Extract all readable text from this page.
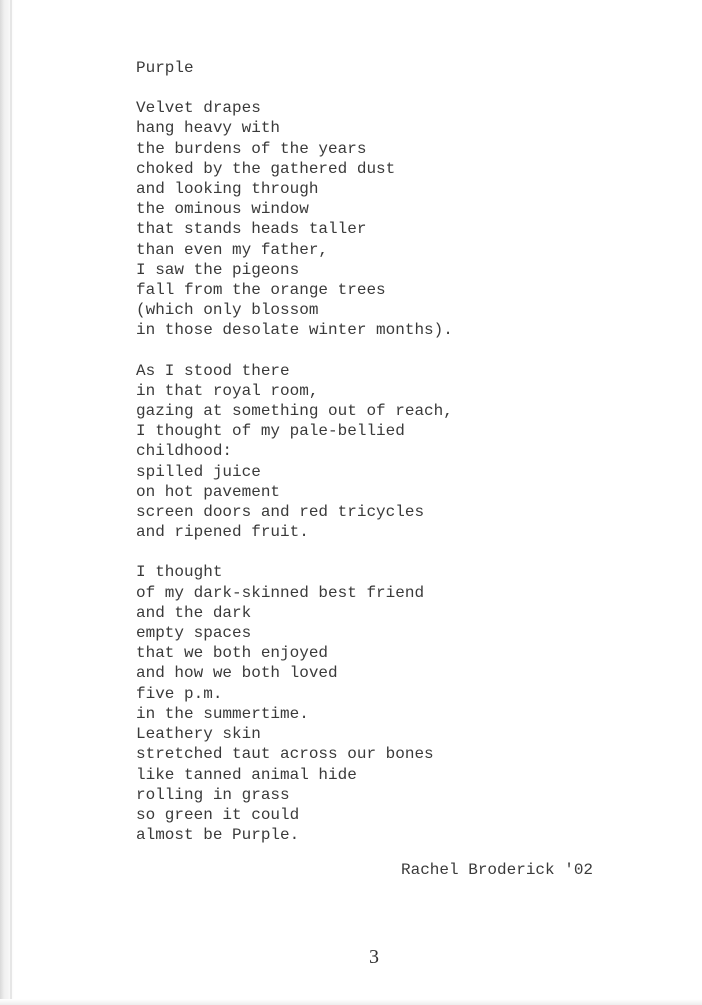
Purple
Velvet drapes
hang heavy with
the burdens of the years
choked by the gathered dust
and looking through
the ominous window
that stands heads taller
than even my father,
I saw the pigeons
fall from the orange trees
(which only blossom
in those desolate winter months).
As I stood there
in that royal room,
gazing at something out of reach,
I thought of my pale-bellied
childhood:
spilled juice
on hot pavement
screen doors and red tricycles
and ripened fruit.
I thought
of my dark-skinned best friend
and the dark
empty spaces
that we both enjoyed
and how we both loved
five p.m.
in the summertime.
Leathery skin
stretched taut across our bones
like tanned animal hide
rolling in grass
so green it could
almost be Purple.
Rachel Broderick '02
3
